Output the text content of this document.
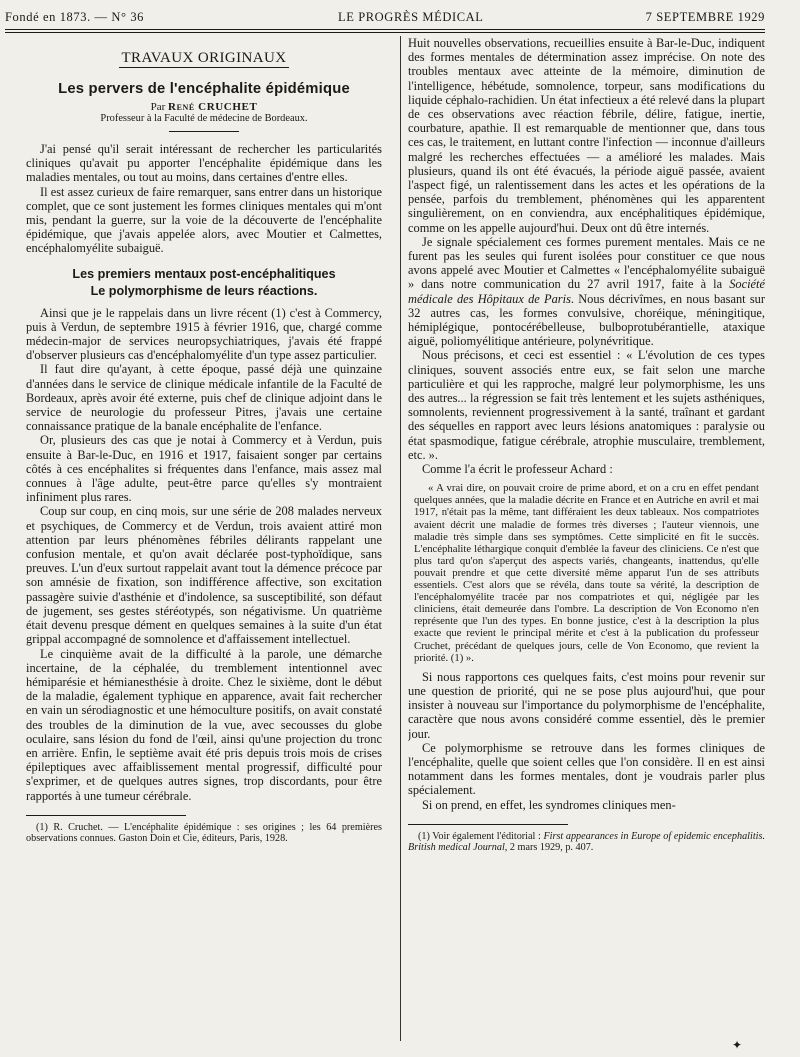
Fondé en 1873. — N° 36	LE PROGRÈS MÉDICAL	7 SEPTEMBRE 1929
TRAVAUX ORIGINAUX
Les pervers de l'encéphalite épidémique
Par René CRUCHET
Professeur à la Faculté de médecine de Bordeaux.

J'ai pensé qu'il serait intéressant de rechercher les particularités cliniques qu'avait pu apporter l'encéphalite épidémique dans les maladies mentales, ou tout au moins, dans certaines d'entre elles.

Il est assez curieux de faire remarquer, sans entrer dans un historique complet, que ce sont justement les formes cliniques mentales qui m'ont mis, pendant la guerre, sur la voie de la découverte de l'encéphalite épidémique, que j'avais appelée alors, avec Moutier et Calmettes, encéphalomyélite subaiguë.

Les premiers mentaux post-encéphalitiques
Le polymorphisme de leurs réactions.

Ainsi que je le rappelais dans un livre récent (1) c'est à Commercy, puis à Verdun, de septembre 1915 à février 1916, que, chargé comme médecin-major de services neuropsychiatriques, j'avais été frappé d'observer plusieurs cas d'encéphalomyélite d'un type assez particulier.

Il faut dire qu'ayant, à cette époque, passé déjà une quinzaine d'années dans le service de clinique médicale infantile de la Faculté de Bordeaux, après avoir été externe, puis chef de clinique adjoint dans le service de neurologie du professeur Pitres, j'avais une certaine connaissance pratique de la banale encéphalite de l'enfance.

Or, plusieurs des cas que je notai à Commercy et à Verdun, puis ensuite à Bar-le-Duc, en 1916 et 1917, faisaient songer par certains côtés à ces encéphalites si fréquentes dans l'enfance, mais assez mal connues à l'âge adulte, peut-être parce qu'elles s'y montraient infiniment plus rares.

Coup sur coup, en cinq mois, sur une série de 208 malades nerveux et psychiques, de Commercy et de Verdun, trois avaient attiré mon attention par leurs phénomènes fébriles délirants rappelant une confusion mentale, et qu'on avait déclarée post-typhoïdique, sans preuves. L'un d'eux surtout rappelait avant tout la démence précoce par son amnésie de fixation, son indifférence affective, son excitation passagère suivie d'asthénie et d'indolence, sa susceptibilité, son défaut de jugement, ses gestes stéréotypés, son négativisme. Un quatrième était devenu presque dément en quelques semaines à la suite d'un état grippal accompagné de somnolence et d'affaissement intellectuel.

Le cinquième avait de la difficulté à la parole, une démarche incertaine, de la céphalée, du tremblement intentionnel avec hémiparésie et hémianesthésie à droite. Chez le sixième, dont le début de la maladie, également typhique en apparence, avait fait rechercher en vain un sérodiagnostic et une hémoculture positifs, on avait constaté des troubles de la diminution de la vue, avec secousses du globe oculaire, sans lésion du fond de l'œil, ainsi qu'une projection du tronc en arrière. Enfin, le septième avait été pris depuis trois mois de crises épileptiques avec affaiblissement mental progressif, difficulté pour s'exprimer, et de quelques autres signes, trop discordants, pour être rapportés à une tumeur cérébrale.

(1) R. Cruchet. — L'encéphalite épidémique : ses origines ; les 64 premières observations connues. Gaston Doin et Cie, éditeurs, Paris, 1928.

Huit nouvelles observations, recueillies ensuite à Bar-le-Duc, indiquent des formes mentales de détermination assez imprécise. On note des troubles mentaux avec atteinte de la mémoire, diminution de l'intelligence, hébétude, somnolence, torpeur, sans modifications du liquide céphalo-rachidien. Un état infectieux a été relevé dans la plupart de ces observations avec réaction fébrile, délire, fatigue, inertie, courbature, apathie. Il est remarquable de mentionner que, dans tous ces cas, le traitement, en luttant contre l'infection — inconnue d'ailleurs malgré les recherches effectuées — a amélioré les malades. Mais plusieurs, quand ils ont été évacués, la période aiguë passée, avaient l'aspect figé, un ralentissement dans les actes et les opérations de la pensée, parfois du tremblement, phénomènes qui les apparentent singulièrement, on en conviendra, aux encéphalitiques épidémique, comme on les appelle aujourd'hui. Deux ont dû être internés.

Je signale spécialement ces formes purement mentales. Mais ce ne furent pas les seules qui furent isolées pour constituer ce que nous avons appelé avec Moutier et Calmettes « l'encéphalomyélite subaiguë » dans notre communication du 27 avril 1917, faite à la Société médicale des Hôpitaux de Paris. Nous décrivîmes, en nous basant sur 32 autres cas, les formes convulsive, choréique, méningitique, hémiplégique, pontocérébelleuse, bulboprotubérantielle, ataxique aiguë, poliomyélitique antérieure, polynévritique.

Nous précisons, et ceci est essentiel : « L'évolution de ces types cliniques, souvent associés entre eux, se fait selon une marche particulière et qui les rapproche, malgré leur polymorphisme, les uns des autres... la régression se fait très lentement et les sujets asthéniques, somnolents, reviennent progressivement à la santé, traînant et gardant des séquelles en rapport avec leurs lésions anatomiques : paralysie ou état spasmodique, fatigue cérébrale, atrophie musculaire, tremblement, etc. ».

Comme l'a écrit le professeur Achard :

« A vrai dire, on pouvait croire de prime abord, et on a cru en effet pendant quelques années, que la maladie décrite en France et en Autriche en avril et mai 1917, n'était pas la même, tant différaient les deux tableaux. Nos compatriotes avaient décrit une maladie de formes très diverses ; l'auteur viennois, une maladie très simple dans ses symptômes. Cette simplicité en fit le succès. L'encéphalite léthargique conquit d'emblée la faveur des cliniciens. Ce n'est que plus tard qu'on s'aperçut des aspects variés, changeants, inattendus, qu'elle pouvait prendre et que cette diversité même apparut l'un de ses attributs essentiels. C'est alors que se révéla, dans toute sa vérité, la description de l'encéphalomyélite tracée par nos compatriotes et qui, négligée par les cliniciens, était demeurée dans l'ombre. La description de Von Economo n'en représente que l'un des types. En bonne justice, c'est à la description la plus exacte que revient le principal mérite et c'est à la publication du professeur Cruchet, précédant de quelques jours, celle de Von Economo, que revient la priorité. (1) ».

Si nous rapportons ces quelques faits, c'est moins pour revenir sur une question de priorité, qui ne se pose plus aujourd'hui, que pour insister à nouveau sur l'importance du polymorphisme de l'encéphalite, caractère que nous avons considéré comme essentiel, dès le premier jour.

Ce polymorphisme se retrouve dans les formes cliniques de l'encéphalite, quelle que soient celles que l'on considère. Il en est ainsi notamment dans les formes mentales, dont je voudrais parler plus spécialement.

Si on prend, en effet, les syndromes cliniques men-

(1) Voir également l'éditorial : First appearances in Europe of epidemic encephalitis. British medical Journal, 2 mars 1929, p. 407.
✦
